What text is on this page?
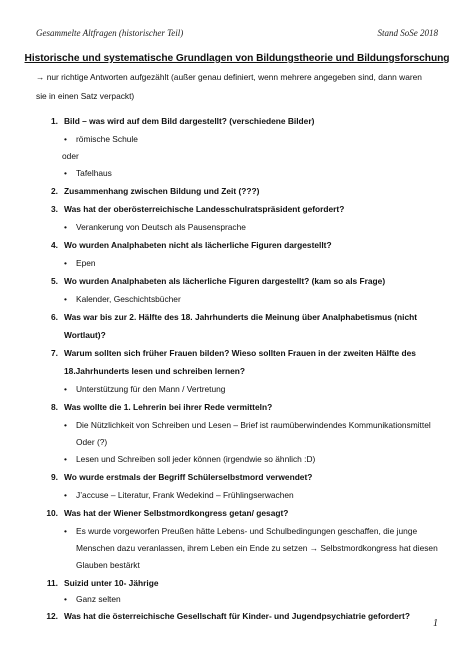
Gesammelte Altfragen (historischer Teil)	Stand SoSe 2018
Historische und systematische Grundlagen von Bildungstheorie und Bildungsforschung
→ nur richtige Antworten aufgezählt (außer genau definiert, wenn mehrere angegeben sind, dann waren
sie in einen Satz verpackt)
1. Bild – was wird auf dem Bild dargestellt? (verschiedene Bilder)
• römische Schule
oder
• Tafelhaus
2. Zusammenhang zwischen Bildung und Zeit (???)
3. Was hat der oberösterreichische Landesschulratspräsident gefordert?
• Verankerung von Deutsch als Pausensprache
4. Wo wurden Analphabeten nicht als lächerliche Figuren dargestellt?
• Epen
5. Wo wurden Analphabeten als lächerliche Figuren dargestellt? (kam so als Frage)
• Kalender, Geschichtsbücher
6. Was war bis zur 2. Hälfte des 18. Jahrhunderts die Meinung über Analphabetismus (nicht
Wortlaut)?
7. Warum sollten sich früher Frauen bilden? Wieso sollten Frauen in der zweiten Hälfte des
18.Jahrhunderts lesen und schreiben lernen?
• Unterstützung für den Mann / Vertretung
8. Was wollte die 1. Lehrerin bei ihrer Rede vermitteln?
• Die Nützlichkeit von Schreiben und Lesen – Brief ist raumüberwindendes Kommunikationsmittel
Oder (?)
• Lesen und Schreiben soll jeder können (irgendwie so ähnlich :D)
9. Wo wurde erstmals der Begriff Schülerselbstmord verwendet?
• J’accuse – Literatur, Frank Wedekind – Frühlingserwachen
10. Was hat der Wiener Selbstmordkongress getan/ gesagt?
• Es wurde vorgeworfen Preußen hätte Lebens- und Schulbedingungen geschaffen, die junge
Menschen dazu veranlassen, ihrem Leben ein Ende zu setzen → Selbstmordkongress hat diesen
Glauben bestärkt
11. Suizid unter 10- Jährige
• Ganz selten
12. Was hat die österreichische Gesellschaft für Kinder- und Jugendpsychiatrie gefordert?
1
